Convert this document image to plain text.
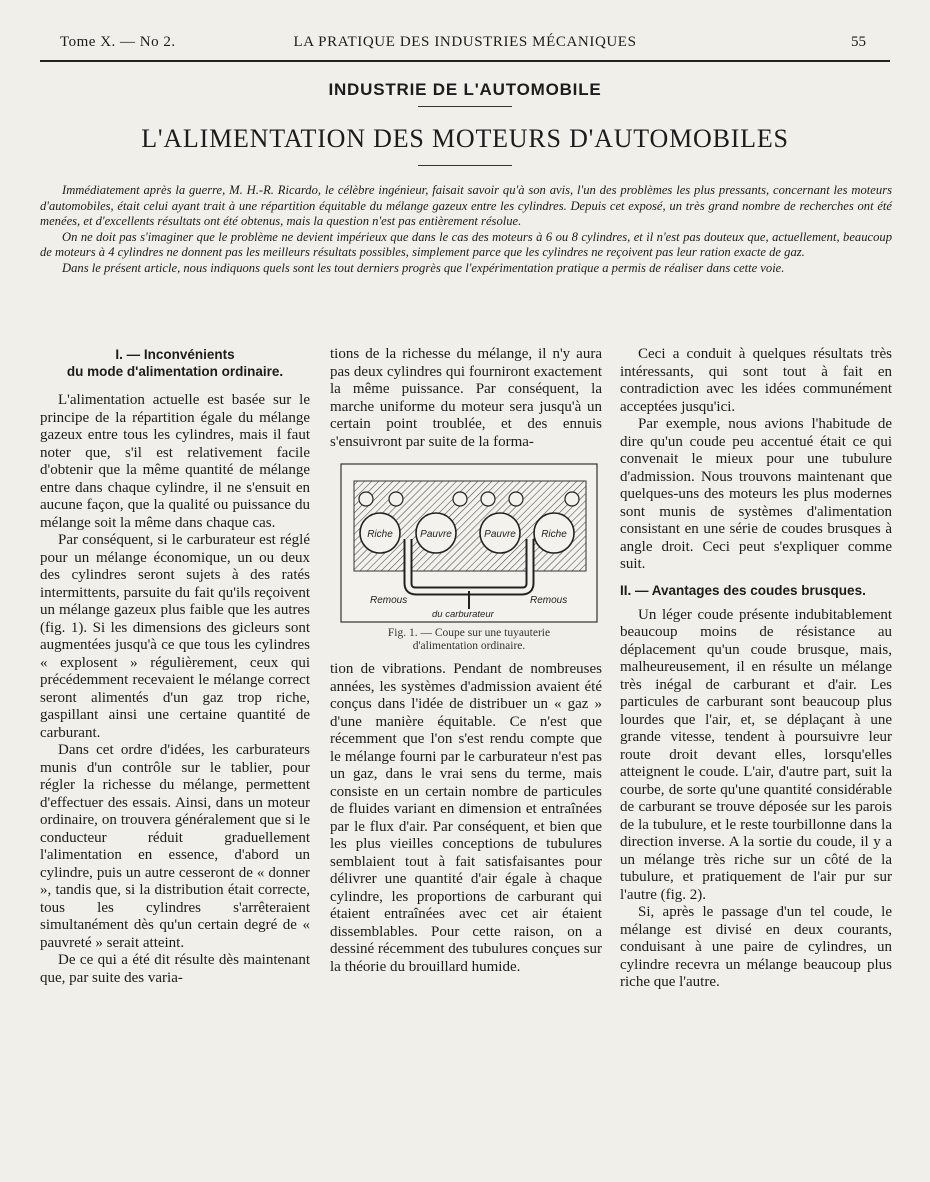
Tome X. — No 2.	LA PRATIQUE DES INDUSTRIES MÉCANIQUES	55
INDUSTRIE DE L'AUTOMOBILE
L'ALIMENTATION DES MOTEURS D'AUTOMOBILES

Immédiatement après la guerre, M. H.-R. Ricardo, le célèbre ingénieur, faisait savoir qu'à son avis, l'un des problèmes les plus pressants, concernant les moteurs d'automobiles, était celui ayant trait à une répartition équitable du mélange gazeux entre les cylindres. Depuis cet exposé, un très grand nombre de recherches ont été menées, et d'excellents résultats ont été obtenus, mais la question n'est pas entièrement résolue.

On ne doit pas s'imaginer que le problème ne devient impérieux que dans le cas des moteurs à 6 ou 8 cylindres, et il n'est pas douteux que, actuellement, beaucoup de moteurs à 4 cylindres ne donnent pas les meilleurs résultats possibles, simplement parce que les cylindres ne reçoivent pas leur ration exacte de gaz.

Dans le présent article, nous indiquons quels sont les tout derniers progrès que l'expérimentation pratique a permis de réaliser dans cette voie.

I. — Inconvénients
du mode d'alimentation ordinaire.

L'alimentation actuelle est basée sur le principe de la répartition égale du mélange gazeux entre tous les cylindres, mais il faut noter que, s'il est relativement facile d'obtenir que la même quantité de mélange entre dans chaque cylindre, il ne s'ensuit en aucune façon, que la qualité ou puissance du mélange soit la même dans chaque cas.

Par conséquent, si le carburateur est réglé pour un mélange économique, un ou deux des cylindres seront sujets à des ratés intermittents, parsuite du fait qu'ils reçoivent un mélange gazeux plus faible que les autres (fig. 1). Si les dimensions des gicleurs sont augmentées jusqu'à ce que tous les cylindres « explosent » régulièrement, ceux qui précédemment recevaient le mélange correct seront alimentés d'un gaz trop riche, gaspillant ainsi une certaine quantité de carburant.

Dans cet ordre d'idées, les carburateurs munis d'un contrôle sur le tablier, pour régler la richesse du mélange, permettent d'effectuer des essais. Ainsi, dans un moteur ordinaire, on trouvera généralement que si le conducteur réduit graduellement l'alimentation en essence, d'abord un cylindre, puis un autre cesseront de « donner », tandis que, si la distribution était correcte, tous les cylindres s'arrêteraient simultanément dès qu'un certain degré de « pauvreté » serait atteint.

De ce qui a été dit résulte dès maintenant que, par suite des varia-

tions de la richesse du mélange, il n'y aura pas deux cylindres qui fourniront exactement la même puissance. Par conséquent, la marche uniforme du moteur sera jusqu'à un certain point troublée, et des ennuis s'ensuivront par suite de la forma-

Riche	Pauvre	Pauvre	Riche
Remous	Remous
du carburateur
Fig. 1. — Coupe sur une tuyauterie
d'alimentation ordinaire.

tion de vibrations. Pendant de nombreuses années, les systèmes d'admission avaient été conçus dans l'idée de distribuer un « gaz » d'une manière équitable. Ce n'est que récemment que l'on s'est rendu compte que le mélange fourni par le carburateur n'est pas un gaz, dans le vrai sens du terme, mais consiste en un certain nombre de particules de fluides variant en dimension et entraînées par le flux d'air. Par conséquent, et bien que les plus vieilles conceptions de tubulures semblaient tout à fait satisfaisantes pour délivrer une quantité d'air égale à chaque cylindre, les proportions de carburant qui étaient entraînées avec cet air étaient dissemblables. Pour cette raison, on a dessiné récemment des tubulures conçues sur la théorie du brouillard humide.

Ceci a conduit à quelques résultats très intéressants, qui sont tout à fait en contradiction avec les idées communément acceptées jusqu'ici.

Par exemple, nous avions l'habitude de dire qu'un coude peu accentué était ce qui convenait le mieux pour une tubulure d'admission. Nous trouvons maintenant que quelques-uns des moteurs les plus modernes sont munis de systèmes d'alimentation consistant en une série de coudes brusques à angle droit. Ceci peut s'expliquer comme suit.

II. — Avantages des coudes brusques.

Un léger coude présente indubitablement beaucoup moins de résistance au déplacement qu'un coude brusque, mais, malheureusement, il en résulte un mélange très inégal de carburant et d'air. Les particules de carburant sont beaucoup plus lourdes que l'air, et, se déplaçant à une grande vitesse, tendent à poursuivre leur route droit devant elles, lorsqu'elles atteignent le coude. L'air, d'autre part, suit la courbe, de sorte qu'une quantité considérable de carburant se trouve déposée sur les parois de la tubulure, et le reste tourbillonne dans la direction inverse. A la sortie du coude, il y a un mélange très riche sur un côté de la tubulure, et pratiquement de l'air pur sur l'autre (fig. 2).

Si, après le passage d'un tel coude, le mélange est divisé en deux courants, conduisant à une paire de cylindres, un cylindre recevra un mélange beaucoup plus riche que l'autre.
